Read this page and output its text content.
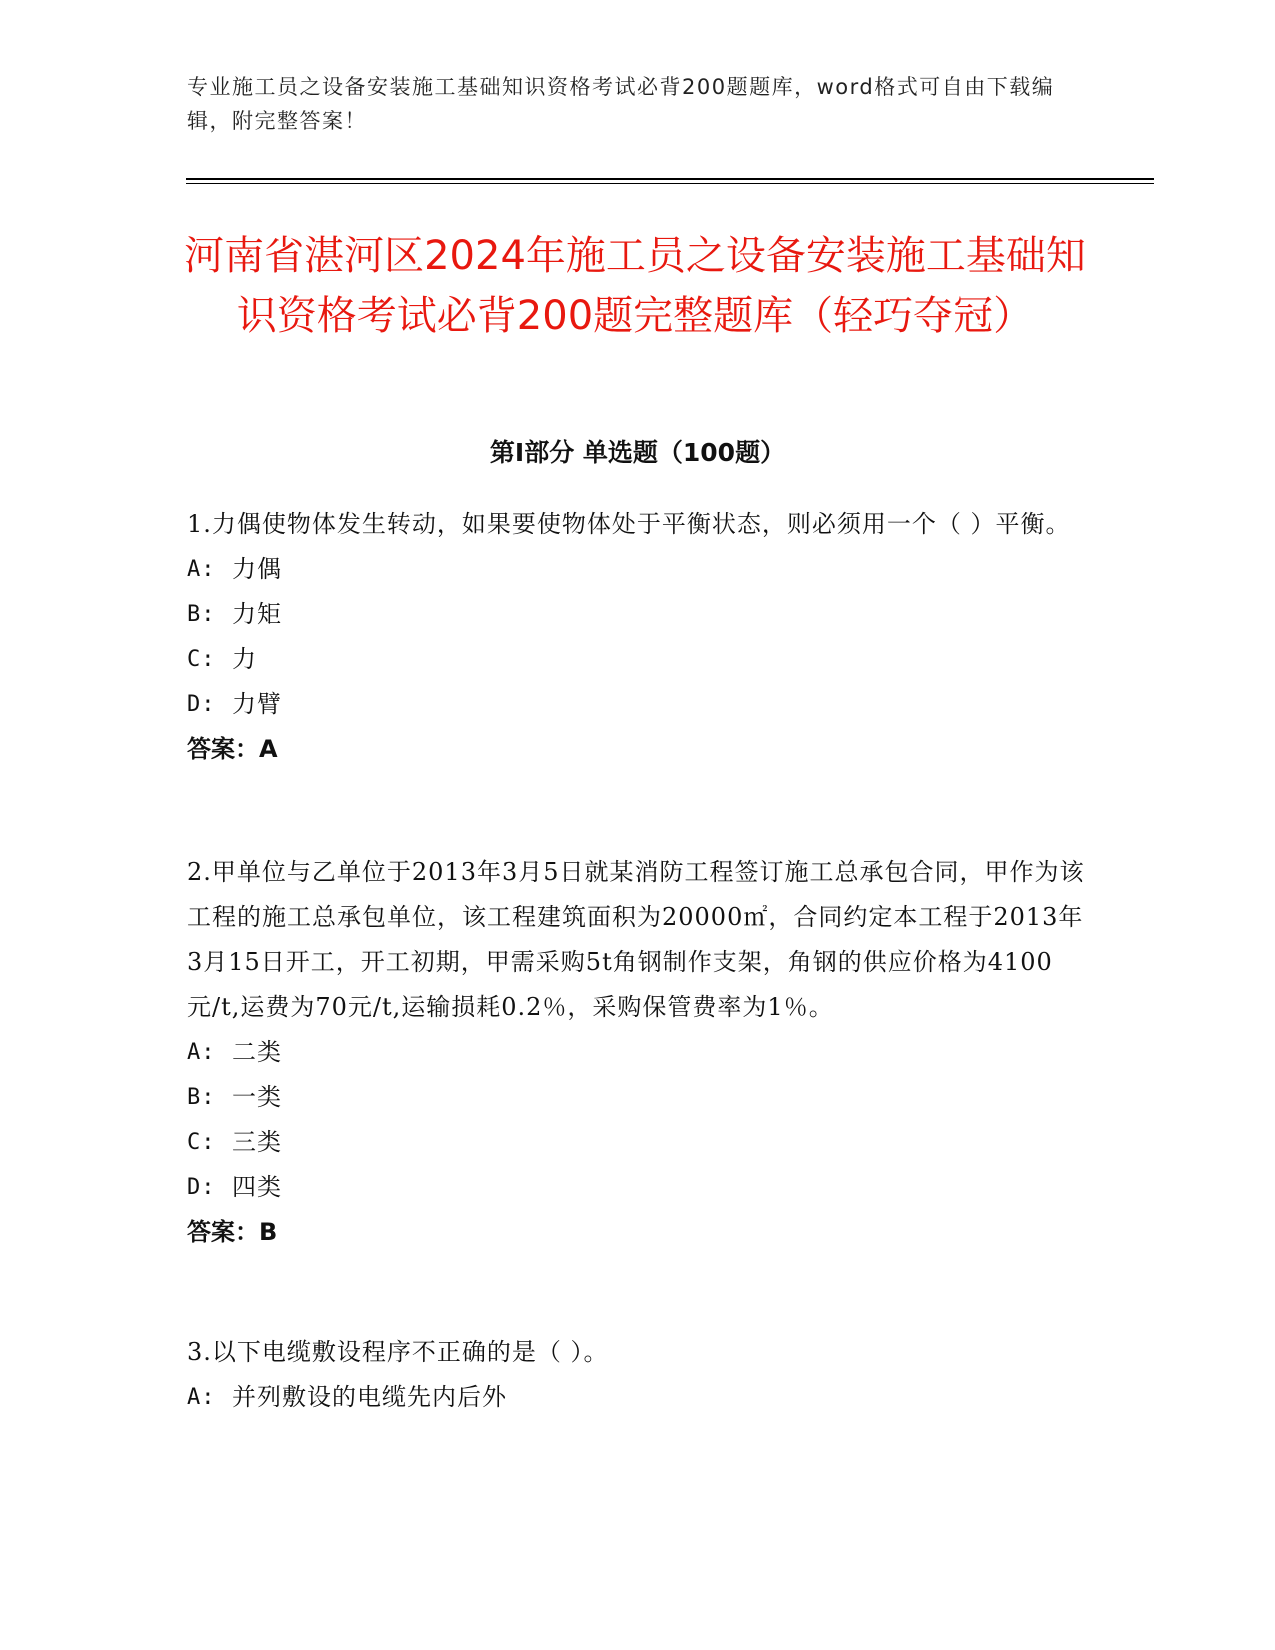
专业施工员之设备安装施工基础知识资格考试必背200题题库，word格式可自由下载编辑，附完整答案！
河南省湛河区2024年施工员之设备安装施工基础知识资格考试必背200题完整题库（轻巧夺冠）
第Ⅰ部分 单选题（100题）
1.力偶使物体发生转动，如果要使物体处于平衡状态，则必须用一个（ ）平衡。
A: 力偶
B: 力矩
C: 力
D: 力臂
答案：A
2.甲单位与乙单位于2013年3月5日就某消防工程签订施工总承包合同，甲作为该工程的施工总承包单位，该工程建筑面积为20000㎡，合同约定本工程于2013年3月15日开工，开工初期，甲需采购5t角钢制作支架，角钢的供应价格为4100元/t,运费为70元/t,运输损耗0.2％，采购保管费率为1％。
A: 二类
B: 一类
C: 三类
D: 四类
答案：B
3.以下电缆敷设程序不正确的是（ ）。
A: 并列敷设的电缆先内后外
